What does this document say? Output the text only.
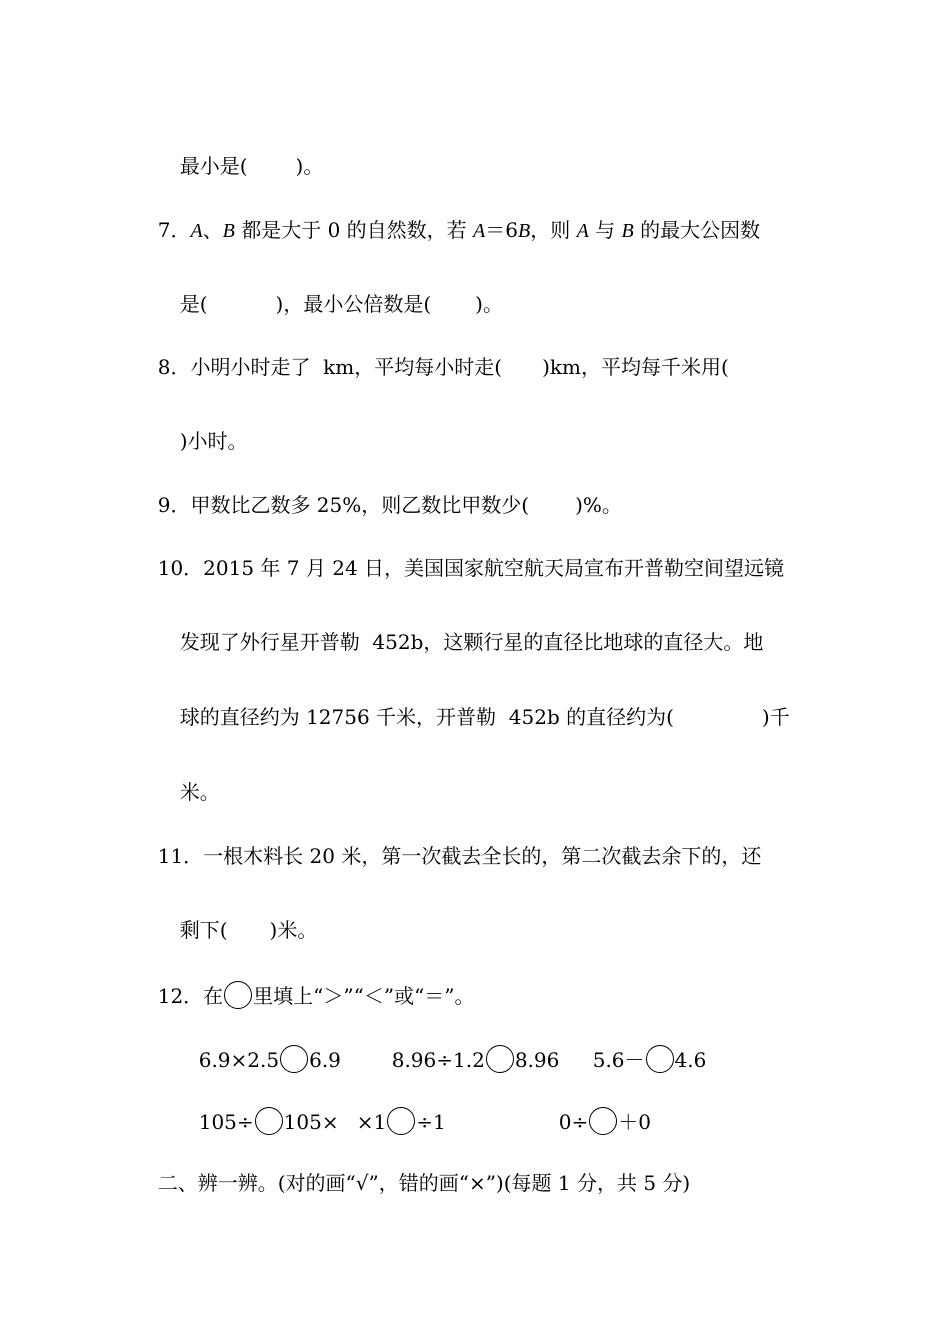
最小是( )。

7．A、B 都是大于 0 的自然数，若 A＝6B，则 A 与 B 的最大公因数

是(	)，最小公倍数是( )。

8．小明小时走了  km，平均每小时走( )km，平均每千米用(

)小时。

9．甲数比乙数多 25%，则乙数比甲数少( )%。

10．2015 年 7 月 24 日，美国国家航空航天局宣布开普勒空间望远镜

发现了外行星开普勒  452b，这颗行星的直径比地球的直径大。地

球的直径约为 12756 千米，开普勒  452b 的直径约为(	)千

米。

11．一根木料长 20 米，第一次截去全长的，第二次截去余下的，还

剩下( )米。

12．在 里填上“＞”“＜”或“＝”。

6.9×2.5 6.9	8.96÷1.2 8.96	5.6－ 4.6

105÷ 105× ×1 ÷1	0÷ ＋0

二、辨一辨。(对的画“√”，错的画“×”)(每题 1 分，共 5 分)
